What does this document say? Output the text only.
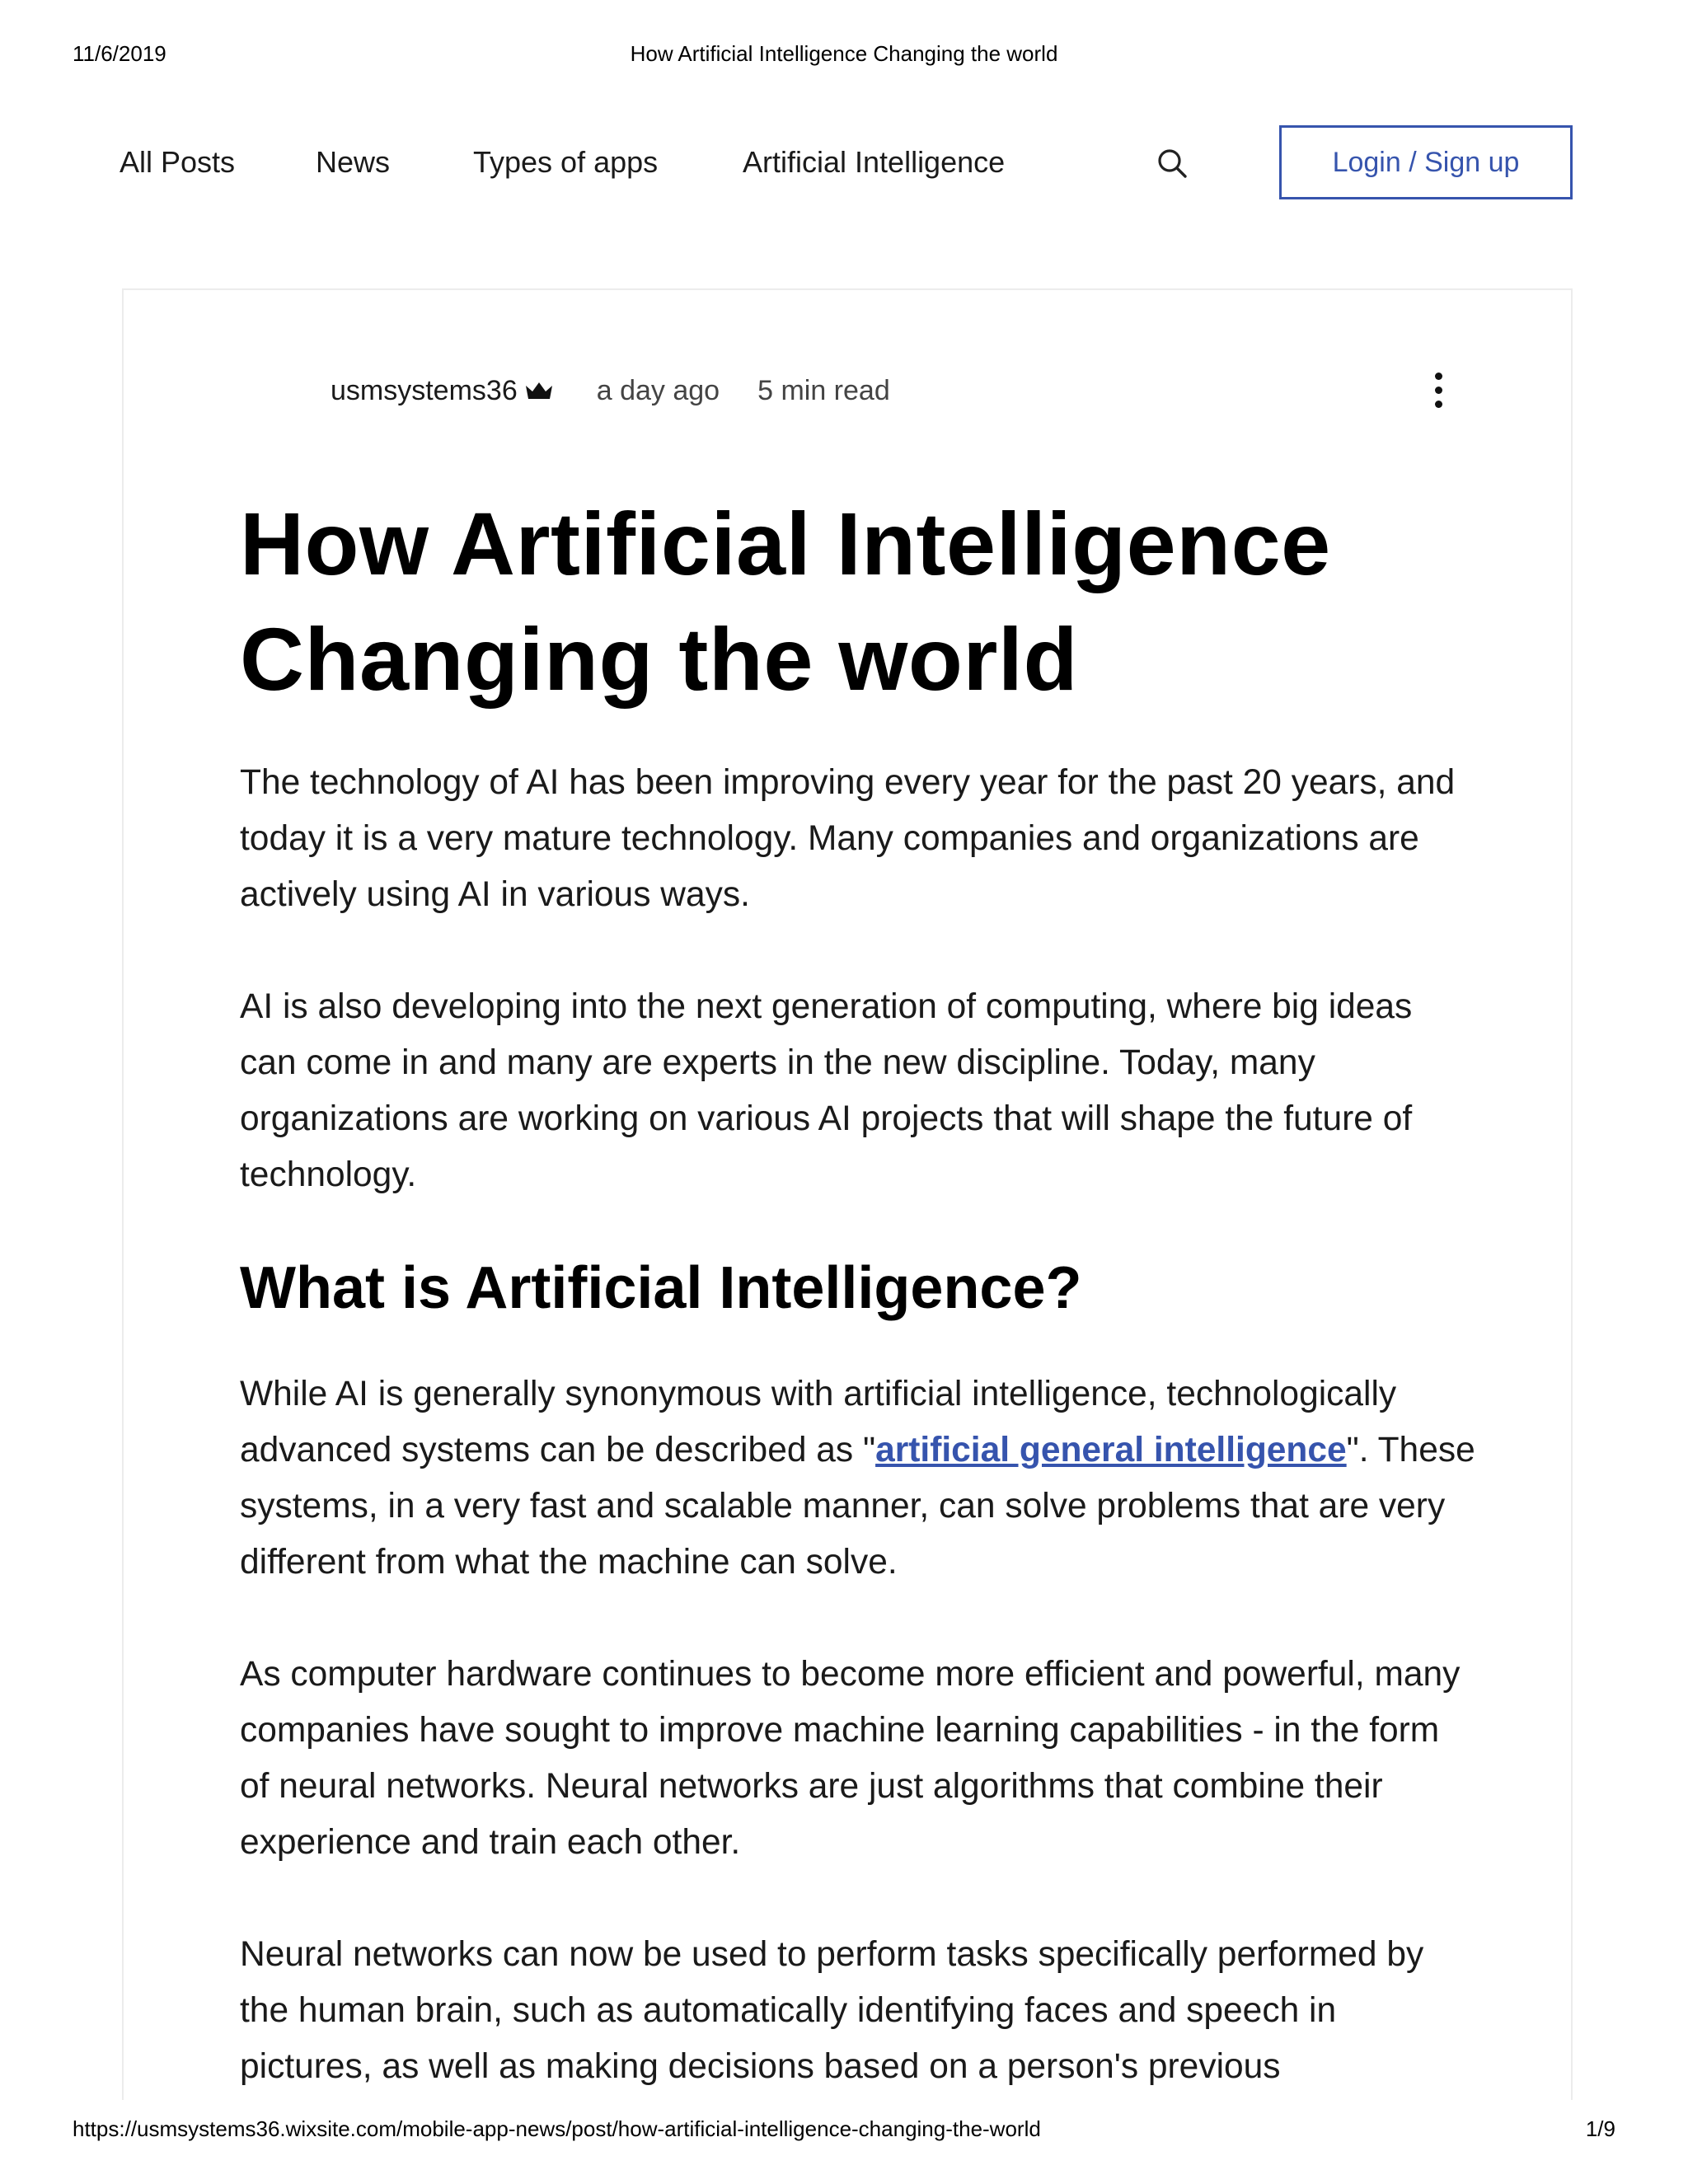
11/6/2019	How Artificial Intelligence Changing the world
All Posts	News	Types of apps	Artificial Intelligence	Login / Sign up
usmsystems36	a day ago 5 min read
How Artificial Intelligence
Changing the world

The technology of AI has been improving every year for the past 20 years, and today it is a very mature technology. Many companies and organizations are actively using AI in various ways.

AI is also developing into the next generation of computing, where big ideas can come in and many are experts in the new discipline. Today, many organizations are working on various AI projects that will shape the future of technology.

What is Artificial Intelligence?

While AI is generally synonymous with artificial intelligence, technologically advanced systems can be described as "artificial general intelligence". These systems, in a very fast and scalable manner, can solve problems that are very different from what the machine can solve.

As computer hardware continues to become more efficient and powerful, many companies have sought to improve machine learning capabilities - in the form of neural networks. Neural networks are just algorithms that combine their experience and train each other.

Neural networks can now be used to perform tasks specifically performed by the human brain, such as automatically identifying faces and speech in pictures, as well as making decisions based on a person's previous

https://usmsystems36.wixsite.com/mobile-app-news/post/how-artificial-intelligence-changing-the-world	1/9
